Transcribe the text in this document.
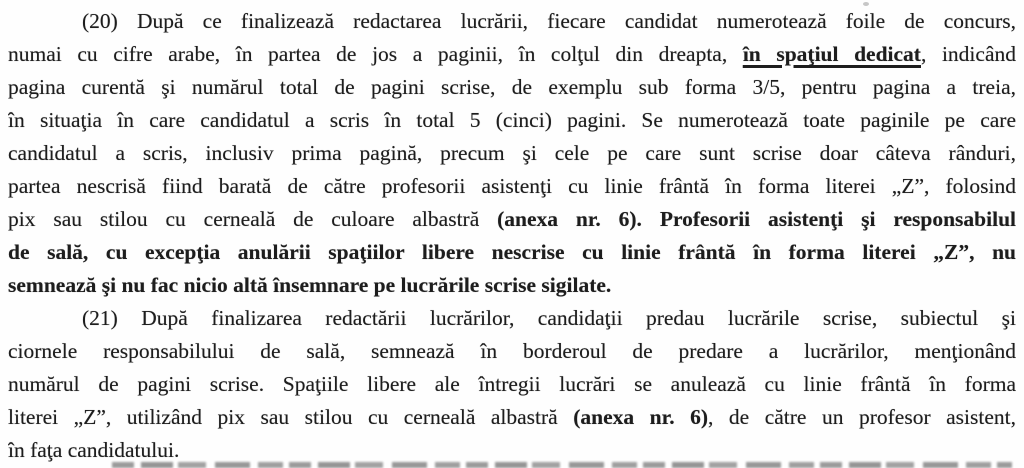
(20) După ce finalizează redactarea lucrării, fiecare candidat numerotează foile de concurs,
numai cu cifre arabe, în partea de jos a paginii, în colţul din dreapta, în spaţiul dedicat, indicând
pagina curentă şi numărul total de pagini scrise, de exemplu sub forma 3/5, pentru pagina a treia,
în situaţia în care candidatul a scris în total 5 (cinci) pagini. Se numerotează toate paginile pe care
candidatul a scris, inclusiv prima pagină, precum şi cele pe care sunt scrise doar câteva rânduri,
partea nescrisă fiind barată de către profesorii asistenţi cu linie frântă în forma literei „Z”, folosind
pix sau stilou cu cerneală de culoare albastră (anexa nr. 6). Profesorii asistenţi şi responsabilul
de sală, cu excepţia anulării spaţiilor libere nescrise cu linie frântă în forma literei „Z”, nu
semnează şi nu fac nicio altă însemnare pe lucrările scrise sigilate.
(21) După finalizarea redactării lucrărilor, candidaţii predau lucrările scrise, subiectul şi
ciornele responsabilului de sală, semnează în borderoul de predare a lucrărilor, menţionând
numărul de pagini scrise. Spaţiile libere ale întregii lucrări se anulează cu linie frântă în forma
literei „Z”, utilizând pix sau stilou cu cerneală albastră (anexa nr. 6), de către un profesor asistent,
în faţa candidatului.
